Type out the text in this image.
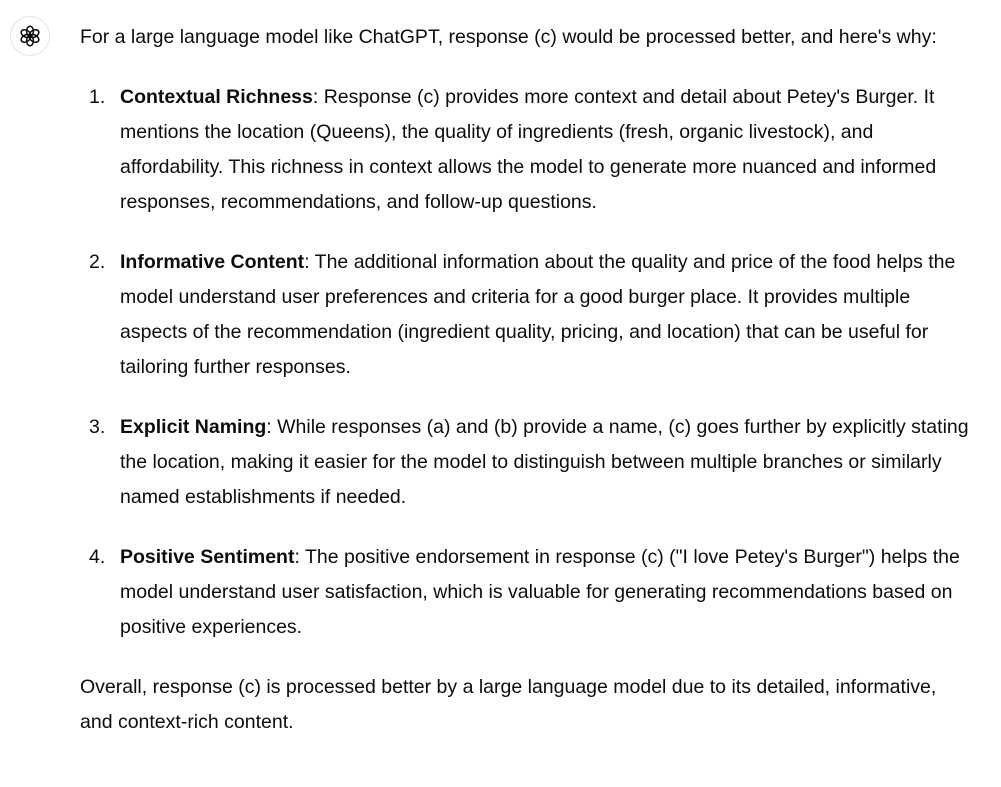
For a large language model like ChatGPT, response (c) would be processed better, and here's why:

1. Contextual Richness: Response (c) provides more context and detail about Petey's Burger. It mentions the location (Queens), the quality of ingredients (fresh, organic livestock), and affordability. This richness in context allows the model to generate more nuanced and informed responses, recommendations, and follow-up questions.
2. Informative Content: The additional information about the quality and price of the food helps the model understand user preferences and criteria for a good burger place. It provides multiple aspects of the recommendation (ingredient quality, pricing, and location) that can be useful for tailoring further responses.
3. Explicit Naming: While responses (a) and (b) provide a name, (c) goes further by explicitly stating the location, making it easier for the model to distinguish between multiple branches or similarly named establishments if needed.
4. Positive Sentiment: The positive endorsement in response (c) ("I love Petey's Burger") helps the model understand user satisfaction, which is valuable for generating recommendations based on positive experiences.

Overall, response (c) is processed better by a large language model due to its detailed, informative, and context-rich content.
